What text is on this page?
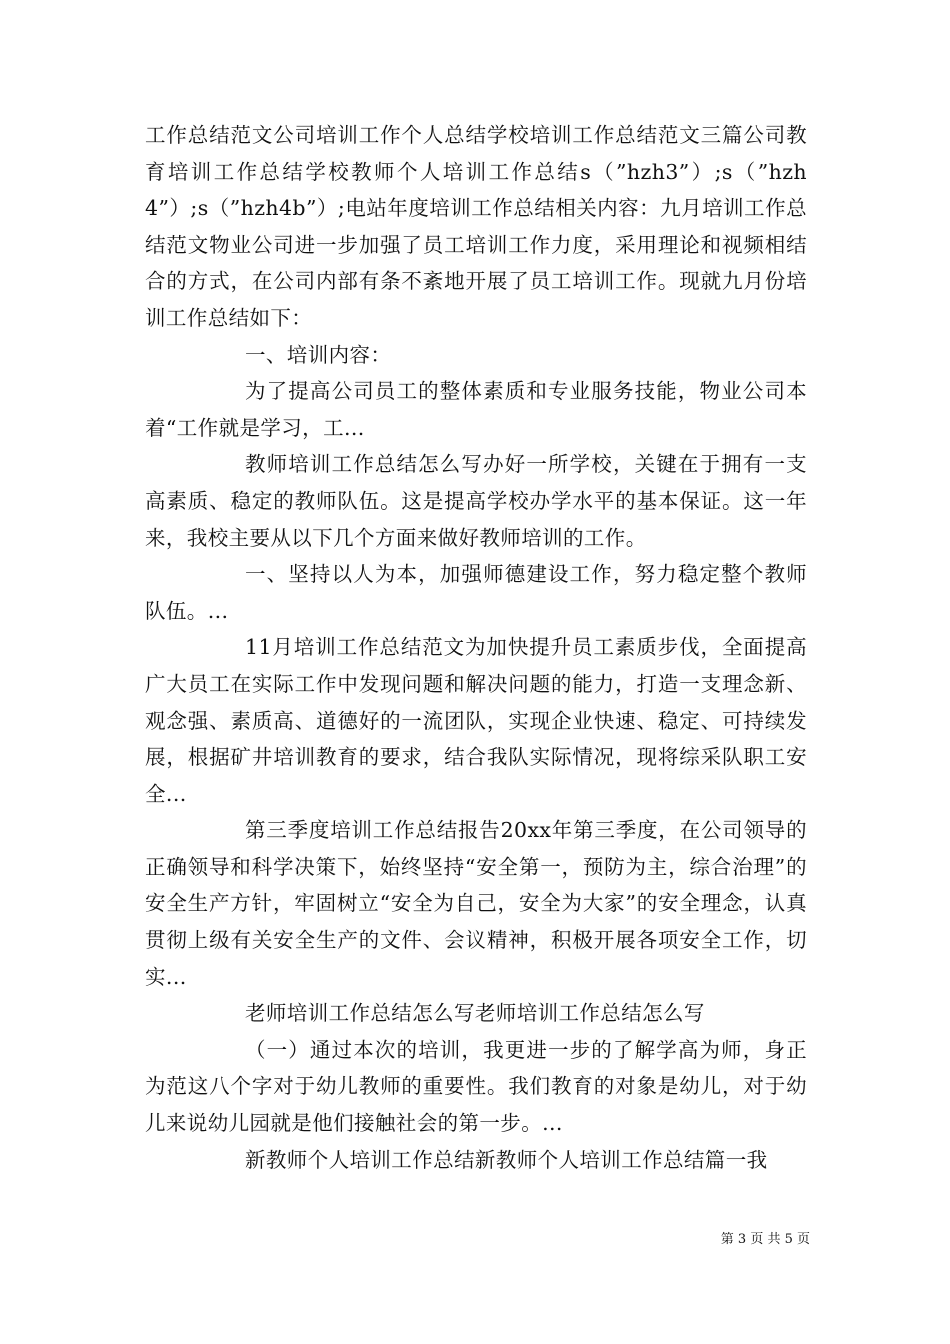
工作总结范文公司培训工作个人总结学校培训工作总结范文三篇公司教育培训工作总结学校教师个人培训工作总结s（”hzh3”）;s（”hzh4”）;s（”hzh4b”）;电站年度培训工作总结相关内容：九月培训工作总结范文物业公司进一步加强了员工培训工作力度，采用理论和视频相结合的方式，在公司内部有条不紊地开展了员工培训工作。现就九月份培训工作总结如下：

一、培训内容：

为了提高公司员工的整体素质和专业服务技能，物业公司本着“工作就是学习，工...

教师培训工作总结怎么写办好一所学校，关键在于拥有一支高素质、稳定的教师队伍。这是提高学校办学水平的基本保证。这一年来，我校主要从以下几个方面来做好教师培训的工作。

一、坚持以人为本，加强师德建设工作，努力稳定整个教师队伍。...

11月培训工作总结范文为加快提升员工素质步伐，全面提高广大员工在实际工作中发现问题和解决问题的能力，打造一支理念新、观念强、素质高、道德好的一流团队，实现企业快速、稳定、可持续发展，根据矿井培训教育的要求，结合我队实际情况，现将综采队职工安全...

第三季度培训工作总结报告20xx年第三季度，在公司领导的正确领导和科学决策下，始终坚持“安全第一，预防为主，综合治理”的安全生产方针，牢固树立“安全为自己，安全为大家”的安全理念，认真贯彻上级有关安全生产的文件、会议精神，积极开展各项安全工作，切实...

老师培训工作总结怎么写老师培训工作总结怎么写

（一）通过本次的培训，我更进一步的了解学高为师，身正为范这八个字对于幼儿教师的重要性。我们教育的对象是幼儿，对于幼儿来说幼儿园就是他们接触社会的第一步。...

新教师个人培训工作总结新教师个人培训工作总结篇一我

第 3 页 共 5 页
